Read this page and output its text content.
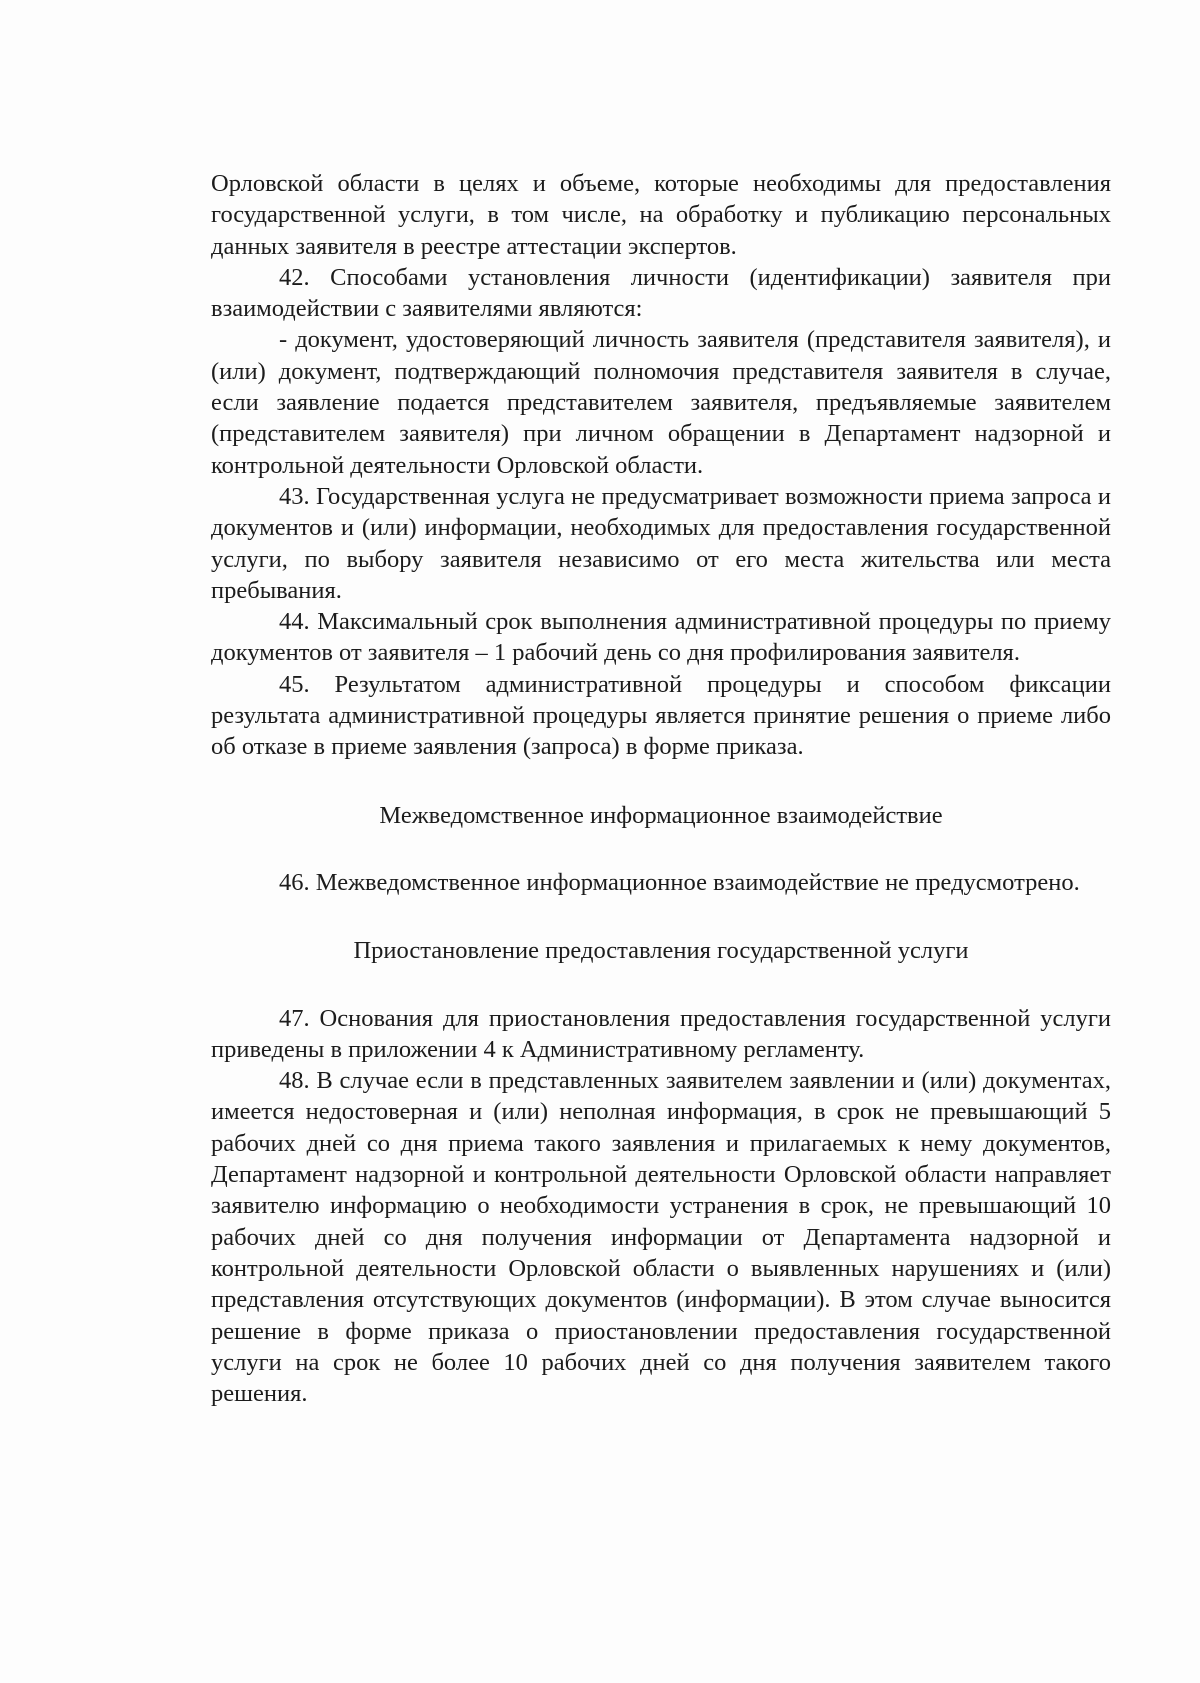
Орловской области в целях и объеме, которые необходимы для предоставления государственной услуги, в том числе, на обработку и публикацию персональных данных заявителя в реестре аттестации экспертов.

42. Способами установления личности (идентификации) заявителя при взаимодействии с заявителями являются:

- документ, удостоверяющий личность заявителя (представителя заявителя), и (или) документ, подтверждающий полномочия представителя заявителя в случае, если заявление подается представителем заявителя, предъявляемые заявителем (представителем заявителя) при личном обращении в Департамент надзорной и контрольной деятельности Орловской области.

43. Государственная услуга не предусматривает возможности приема запроса и документов и (или) информации, необходимых для предоставления государственной услуги, по выбору заявителя независимо от его места жительства или места пребывания.

44. Максимальный срок выполнения административной процедуры по приему документов от заявителя – 1 рабочий день со дня профилирования заявителя.

45. Результатом административной процедуры и способом фиксации результата административной процедуры является принятие решения о приеме либо об отказе в приеме заявления (запроса) в форме приказа.

Межведомственное информационное взаимодействие

46. Межведомственное информационное взаимодействие не предусмотрено.

Приостановление предоставления государственной услуги

47. Основания для приостановления предоставления государственной услуги приведены в приложении 4 к Административному регламенту.

48. В случае если в представленных заявителем заявлении и (или) документах, имеется недостоверная и (или) неполная информация, в срок не превышающий 5 рабочих дней со дня приема такого заявления и прилагаемых к нему документов, Департамент надзорной и контрольной деятельности Орловской области направляет заявителю информацию о необходимости устранения в срок, не превышающий 10 рабочих дней со дня получения информации от Департамента надзорной и контрольной деятельности Орловской области о выявленных нарушениях и (или) представления отсутствующих документов (информации). В этом случае выносится решение в форме приказа о приостановлении предоставления государственной услуги на срок не более 10 рабочих дней со дня получения заявителем такого решения.
